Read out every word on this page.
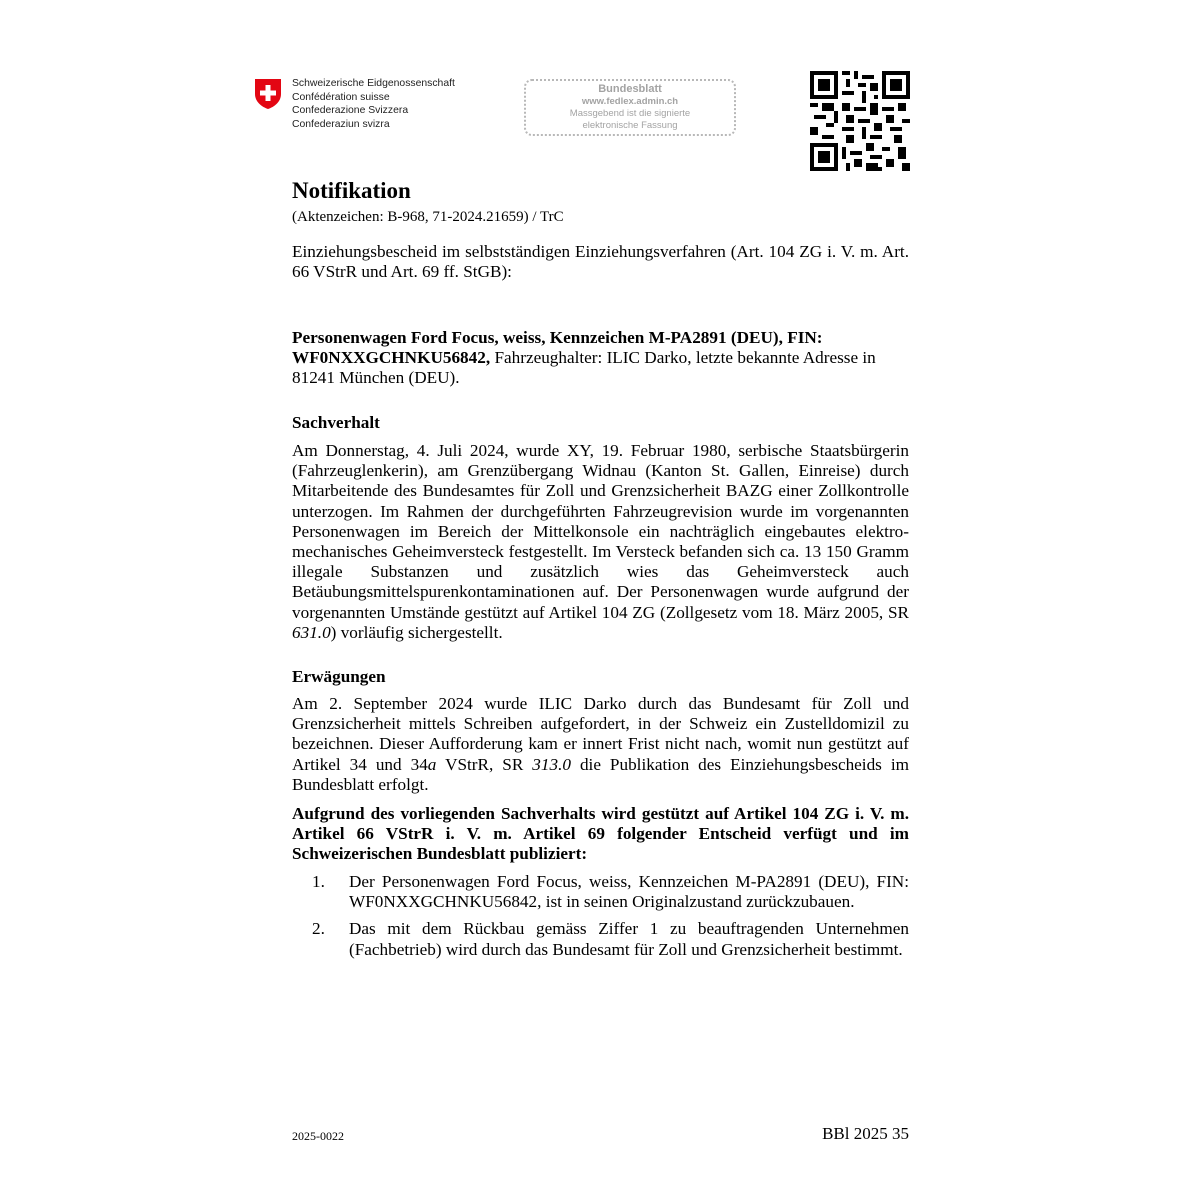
Schweizerische Eidgenossenschaft
Confédération suisse
Confederazione Svizzera
Confederaziun svizra
Bundesblatt
www.fedlex.admin.ch
Massgebend ist die signierte
elektronische Fassung
Notifikation
(Aktenzeichen: B-968, 71-2024.21659) / TrC

Einziehungsbescheid im selbstständigen Einziehungsverfahren (Art. 104 ZG i. V. m. Art. 66 VStrR und Art. 69 ff. StGB):

Personenwagen Ford Focus, weiss, Kennzeichen M-PA2891 (DEU), FIN: WF0NXXGCHNKU56842, Fahrzeughalter: ILIC Darko, letzte bekannte Adresse in 81241 München (DEU).

Sachverhalt

Am Donnerstag, 4. Juli 2024, wurde XY, 19. Februar 1980, serbische Staatsbürgerin (Fahrzeuglenkerin), am Grenzübergang Widnau (Kanton St. Gallen, Einreise) durch Mitarbeitende des Bundesamtes für Zoll und Grenzsicherheit BAZG einer Zollkontrolle unterzogen. Im Rahmen der durchgeführten Fahrzeugrevision wurde im vorgenannten Personenwagen im Bereich der Mittelkonsole ein nachträglich eingebautes elektro-mechanisches Geheimversteck festgestellt. Im Versteck befanden sich ca. 13 150 Gramm illegale Substanzen und zusätzlich wies das Geheimversteck auch Betäubungsmittelspurenkontaminationen auf. Der Personenwagen wurde aufgrund der vorgenannten Umstände gestützt auf Artikel 104 ZG (Zollgesetz vom 18. März 2005, SR 631.0) vorläufig sichergestellt.

Erwägungen

Am 2. September 2024 wurde ILIC Darko durch das Bundesamt für Zoll und Grenzsicherheit mittels Schreiben aufgefordert, in der Schweiz ein Zustelldomizil zu bezeichnen. Dieser Aufforderung kam er innert Frist nicht nach, womit nun gestützt auf Artikel 34 und 34a VStrR, SR 313.0 die Publikation des Einziehungsbescheids im Bundesblatt erfolgt.

Aufgrund des vorliegenden Sachverhalts wird gestützt auf Artikel 104 ZG i. V. m. Artikel 66 VStrR i. V. m. Artikel 69 folgender Entscheid verfügt und im Schweizerischen Bundesblatt publiziert:

1. Der Personenwagen Ford Focus, weiss, Kennzeichen M-PA2891 (DEU), FIN: WF0NXXGCHNKU56842, ist in seinen Originalzustand zurückzubauen.
2. Das mit dem Rückbau gemäss Ziffer 1 zu beauftragenden Unternehmen (Fachbetrieb) wird durch das Bundesamt für Zoll und Grenzsicherheit bestimmt.
2025-0022	BBl 2025 35
